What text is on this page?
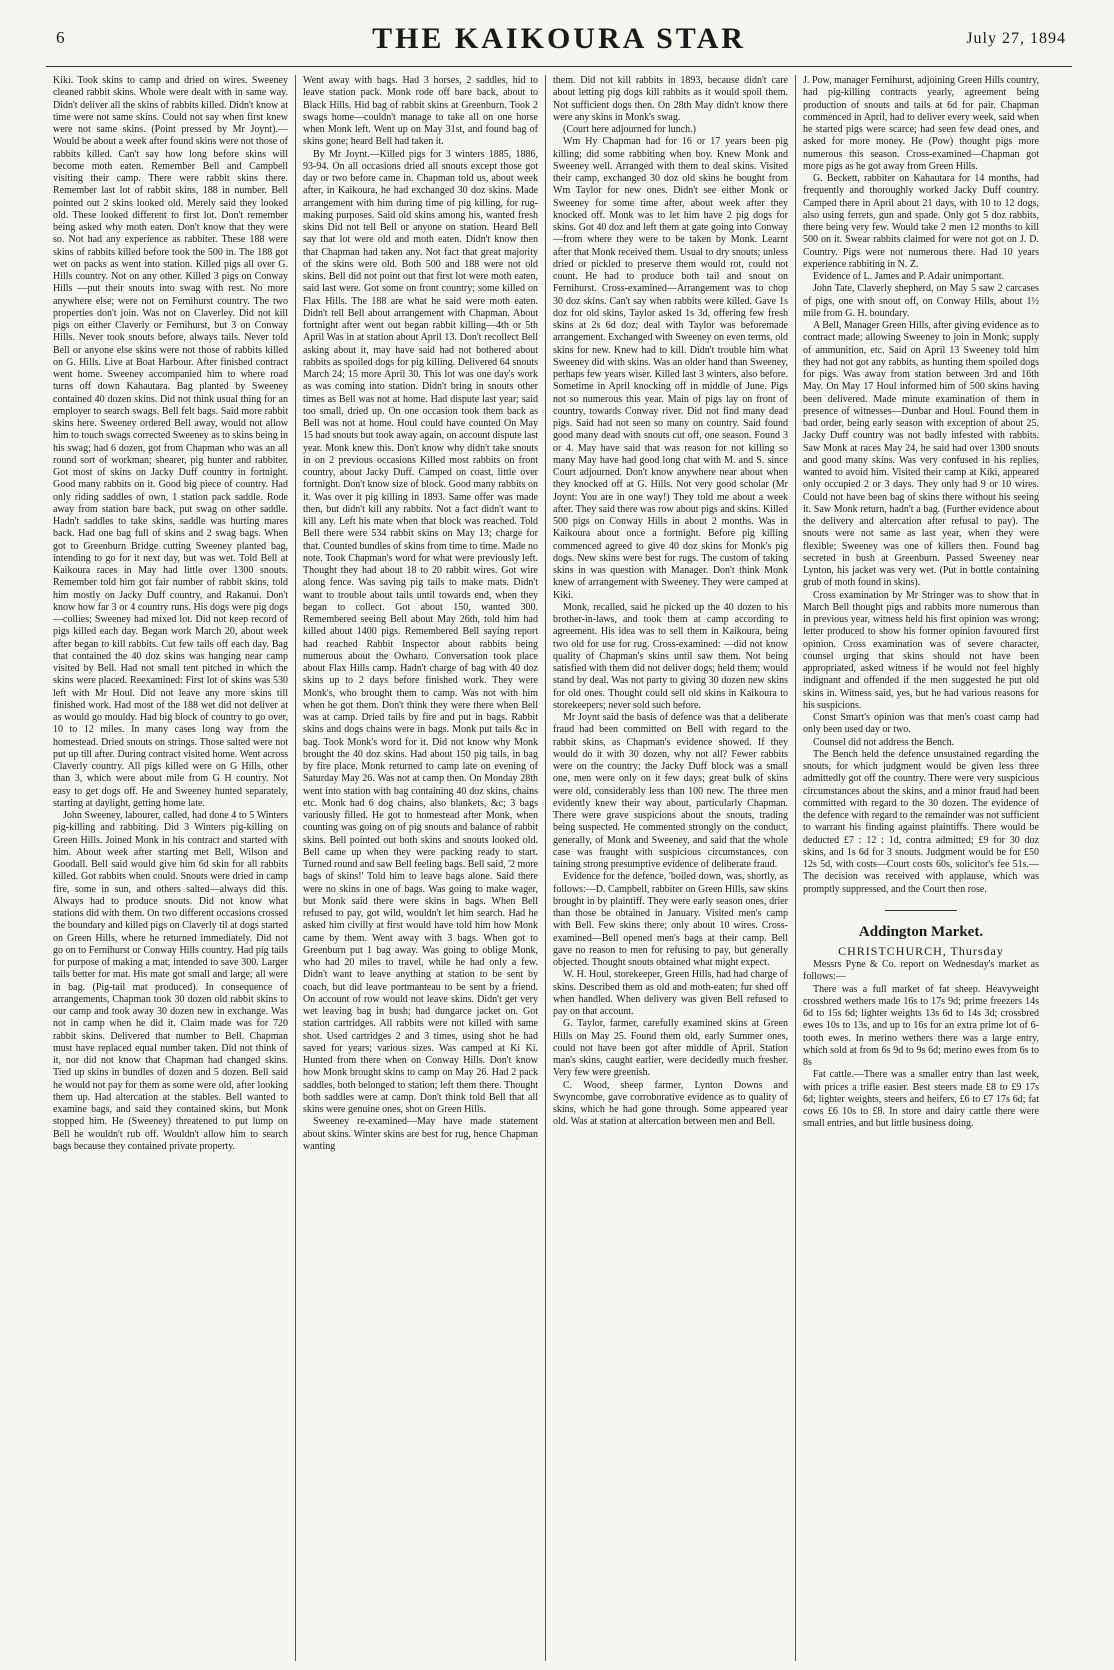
6	THE KAIKOURA STAR	July 27, 1894

Kiki. Took skins to camp and dried on wires. Sweeney cleaned rabbit skins. Whole were dealt with in same way. Didn't deliver all the skins of rabbits killed. Didn't know at time were not same skins. Could not say when first knew were not same skins. (Point pressed by Mr Joynt).—Would be about a week after found skins were not those of rabbits killed. Can't say how long before skins will become moth eaten. Remember Bell and Campbell visiting their camp. There were rabbit skins there. Remember last lot of rabbit skins, 188 in number. Bell pointed out 2 skins looked old. Merely said they looked old. These looked different to first lot. Don't remember being asked why moth eaten. Don't know that they were so. Not had any experience as rabbiter. These 188 were skins of rabbits killed before took the 500 in. The 188 got wet on packs as went into station. Killed pigs all over G. Hills country. Not on any other. Killed 3 pigs on Conway Hills —put their snouts into swag with rest. No more anywhere else; were not on Fernihurst country. The two properties don't join. Was not on Claverley. Did not kill pigs on either Claverly or Fernihurst, but 3 on Conway Hills. Never took snouts before, always tails. Never told Bell or anyone else skins were not those of rabbits killed on G. Hills. Live at Boat Harbour. After finished contract went home. Sweeney accompanied him to where road turns off down Kahautara. Bag planted by Sweeney contained 40 dozen skins. Did not think usual thing for an employer to search swags. Bell felt bags. Said more rabbit skins here. Sweeney ordered Bell away, would not allow him to touch swags corrected Sweeney as to skins being in his swag; had 6 dozen, got from Chapman who was an all round sort of workman; shearer, pig hunter and rabbiter. Got most of skins on Jacky Duff country in fortnight. Good many rabbits on it. Good big piece of country. Had only riding saddles of own, 1 station pack saddle. Rode away from station bare back, put swag on other saddle. Hadn't saddles to take skins, saddle was hurting mares back. Had one bag full of skins and 2 swag bags. When got to Greenburn Bridge cutting Sweeney planted bag, intending to go for it next day, but was wet. Told Bell at Kaikoura races in May had little over 1300 snouts. Remember told him got fair number of rabbit skins, told him mostly on Jacky Duff country, and Rakanui. Don't know how far 3 or 4 country runs. His dogs were pig dogs—collies; Sweeney had mixed lot. Did not keep record of pigs killed each day. Began work March 20, about week after began to kill rabbits. Cut few tails off each day. Bag that contained the 40 doz skins was hanging near camp visited by Bell. Had not small tent pitched in which the skins were placed. Reexamined: First lot of skins was 530 left with Mr Houl. Did not leave any more skins till finished work. Had most of the 188 wet did not deliver at as would go mouldy. Had big block of country to go over, 10 to 12 miles. In many cases long way from the homestead. Dried snouts on strings. Those salted were not put up till after. During contract visited home. Went across Claverly country. All pigs killed were on G Hills, other than 3, which were about mile from G H country. Not easy to get dogs off. He and Sweeney hunted separately, starting at daylight, getting home late.

John Sweeney, labourer, called, had done 4 to 5 Winters pig-killing and rabbiting. Did 3 Winters pig-killing on Green Hills. Joined Monk in his contract and started with him. About week after starting met Bell, Wilson and Goodall. Bell said would give him 6d skin for all rabbits killed. Got rabbits when could. Snouts were dried in camp fire, some in sun, and others salted—always did this. Always had to produce snouts. Did not know what stations did with them. On two different occasions crossed the boundary and killed pigs on Claverly til at dogs started on Green Hills, where he returned immediately. Did not go on to Fernihurst or Conway Hills country. Had pig tails for purpose of making a mat; intended to save 300. Larger tails better for mat. His mate got small and large; all were in bag. (Pig-tail mat produced). In consequence of arrangements, Chapman took 30 dozen old rabbit skins to our camp and took away 30 dozen new in exchange. Was not in camp when he did it. Claim made was for 720 rabbit skins. Delivered that number to Bell. Chapman must have replaced equal number taken. Did not think of it, nor did not know that Chapman had changed skins. Tied up skins in bundles of dozen and 5 dozen. Bell said he would not pay for them as some were old, after looking them up. Had altercation at the stables. Bell wanted to examine bags, and said they contained skins, but Monk stopped him. He (Sweeney) threatened to put lump on Bell he wouldn't rub off. Wouldn't allow him to search bags because they contained private property.

Went away with bags. Had 3 horses, 2 saddles, hid to leave station pack. Monk rode off bare back, about to Black Hills. Hid bag of rabbit skins at Greenburn. Took 2 swags home—couldn't manage to take all on one horse when Monk left. Went up on May 31st, and found bag of skins gone; heard Bell had taken it.

By Mr Joynt.—Killed pigs for 3 winters 1885, 1886, 93-94. On all occasions dried all snouts except those got day or two before came in. Chapman told us, about week after, in Kaikoura, he had exchanged 30 doz skins. Made arrangement with him during time of pig killing, for rug-making purposes. Said old skins among his, wanted fresh skins Did not tell Bell or anyone on station. Heard Bell say that lot were old and moth eaten. Didn't know then that Chapman had taken any. Not fact that great majority of the skins were old. Both 500 and 188 were not old skins. Bell did not point out that first lot were moth eaten, said last were. Got some on front country; some killed on Flax Hills. The 188 are what he said were moth eaten. Didn't tell Bell about arrangement with Chapman. About fortnight after went out began rabbit killing—4th or 5th April Was in at station about April 13. Don't recollect Bell asking about it, may have said had not bothered about rabbits as spoiled dogs for pig killing. Delivered 64 snouts March 24; 15 more April 30. This lot was one day's work as was coming into station. Didn't bring in snouts other times as Bell was not at home. Had dispute last year; said too small, dried up. On one occasion took them back as Bell was not at home. Houl could have counted On May 15 had snouts but took away again, on account dispute last year. Monk knew this. Don't know why didn't take snouts in on 2 previous occasions Killed most rabbits on front country, about Jacky Duff. Camped on coast, little over fortnight. Don't know size of block. Good many rabbits on it. Was over it pig killing in 1893. Same offer was made then, but didn't kill any rabbits. Not a fact didn't want to kill any. Left his mate when that block was reached. Told Bell there were 534 rabbit skins on May 13; charge for that. Counted bundles of skins from time to time. Made no note. Took Chapman's word for what were previously left. Thought they had about 18 to 20 rabbit wires. Got wire along fence. Was saving pig tails to make mats. Didn't want to trouble about tails until towards end, when they began to collect. Got about 150, wanted 300. Remembered seeing Bell about May 26th, told him had killed about 1400 pigs. Remembered Bell saying report had reached Rabbit Inspector about rabbits being numerous about the Owharo. Conversation took place about Flax Hills camp. Hadn't charge of bag with 40 doz skins up to 2 days before finished work. They were Monk's, who brought them to camp. Was not with him when he got them. Don't think they were there when Bell was at camp. Dried tails by fire and put in bags. Rabbit skins and dogs chains were in bags. Monk put tails &c in bag. Took Monk's word for it. Did not know why Monk brought the 40 doz skins. Had about 150 pig tails, in bag by fire place. Monk returned to camp late on evening of Saturday May 26. Was not at camp then. On Monday 28th went into station with bag containing 40 doz skins, chains etc. Monk had 6 dog chains, also blankets, &c; 3 bags variously filled. He got to homestead after Monk, when counting was going on of pig snouts and balance of rabbit skins. Bell pointed out both skins and snouts looked old. Bell came up when they were packing ready to start. Turned round and saw Bell feeling bags. Bell said, '2 more bags of skins!' Told him to leave bags alone. Said there were no skins in one of bags. Was going to make wager, but Monk said there were skins in bags. When Bell refused to pay, got wild, wouldn't let him search. Had he asked him civilly at first would have told him how Monk came by them. Went away with 3 bags. When got to Greenburn put 1 bag away. Was going to oblige Monk, who had 20 miles to travel, while he had only a few. Didn't want to leave anything at station to be sent by coach, but did leave portmanteau to be sent by a friend. On account of row would not leave skins. Didn't get very wet leaving bag in bush; had dungarce jacket on. Got station cartridges. All rabbits were not killed with same shot. Used cartridges 2 and 3 times, using shot he had saved for years; various sizes. Was camped at Ki Ki. Hunted from there when on Conway Hills. Don't know how Monk brought skins to camp on May 26. Had 2 pack saddles, both belonged to station; left them there. Thought both saddles were at camp. Don't think told Bell that all skins were genuine ones, shot on Green Hills.

Sweeney re-examined—May have made statement about skins. Winter skins are best for rug, hence Chapman wanting

them. Did not kill rabbits in 1893, because didn't care about letting pig dogs kill rabbits as it would spoil them. Not sufficient dogs then. On 28th May didn't know there were any skins in Monk's swag.

(Court here adjourned for lunch.)

Wm Hy Chapman had for 16 or 17 years been pig killing; did some rabbiting when boy. Knew Monk and Sweeney well. Arranged with them to deal skins. Visited their camp, exchanged 30 doz old skins he bought from Wm Taylor for new ones. Didn't see either Monk or Sweeney for some time after, about week after they knocked off. Monk was to let him have 2 pig dogs for skins. Got 40 doz and left them at gate going into Conway—from where they were to be taken by Monk. Learnt after that Monk received them. Usual to dry snouts; unless dried or pickled to preserve them would rot, could not count. He had to produce both tail and snout on Fernihurst. Cross-examined—Arrangement was to chop 30 doz skins. Can't say when rabbits were killed. Gave 1s doz for old skins, Taylor asked 1s 3d, offering few fresh skins at 2s 6d doz; deal with Taylor was beforemade arrangement. Exchanged with Sweeney on even terms, old skins for new. Knew had to kill. Didn't trouble him what Sweeney did with skins. Was an older hand than Sweeney, perhaps few years wiser. Killed last 3 winters, also before. Sometime in April knocking off in middle of June. Pigs not so numerous this year. Main of pigs lay on front of country, towards Conway river. Did not find many dead pigs. Said had not seen so many on country. Said found good many dead with snouts cut off, one season. Found 3 or 4. May have said that was reason for not killing so many May have had good long chat with M. and S. since Court adjourned. Don't know anywhere near about when they knocked off at G. Hills. Not very good scholar (Mr Joynt: You are in one way!) They told me about a week after. They said there was row about pigs and skins. Killed 500 pigs on Conway Hills in about 2 months. Was in Kaikoura about once a fortnight. Before pig killing commenced agreed to give 40 doz skins for Monk's pig dogs. New skins were best for rugs. The custom of taking skins in was question with Manager. Don't think Monk knew of arrangement with Sweeney. They were camped at Kiki.

Monk, recalled, said he picked up the 40 dozen to his brother-in-laws, and took them at camp according to agreement. His idea was to sell them in Kaikoura, being two old for use for rug. Cross-examined: —did not know quality of Chapman's skins until saw them. Not being satisfied with them did not deliver dogs; held them; would stand by deal. Was not party to giving 30 dozen new skins for old ones. Thought could sell old skins in Kaikoura to storekeepers; never sold such before.

Mr Joynt said the basis of defence was that a deliberate fraud had been committed on Bell with regard to the rabbit skins, as Chapman's evidence showed. If they would do it with 30 dozen, why not all? Fewer rabbits were on the country; the Jacky Duff block was a small one, men were only on it few days; great bulk of skins were old, considerably less than 100 new. The three men evidently knew their way about, particularly Chapman. There were grave suspicions about the snouts, trading being suspected. He commented strongly on the conduct, generally, of Monk and Sweeney, and said that the whole case was fraught with suspicious circumstances, con taining strong presumptive evidence of deliberate fraud.

Evidence for the defence, 'boiled down, was, shortly, as follows:—D. Campbell, rabbiter on Green Hills, saw skins brought in by plaintiff. They were early season ones, drier than those be obtained in January. Visited men's camp with Bell. Few skins there; only about 10 wires. Cross-examined—Bell opened men's bags at their camp. Bell gave no reason to men for refusing to pay, but generally objected. Thought snouts obtained what might expect.

W. H. Houl, storekeeper, Green Hills, had had charge of skins. Described them as old and moth-eaten; fur shed off when handled. When delivery was given Bell refused to pay on that account.

G. Taylor, farmer, carefully examined skins at Green Hills on May 25. Found them old, early Summer ones, could not have been got after middle of April. Station man's skins, caught earlier, were decidedly much fresher. Very few were greenish.

C. Wood, sheep farmer, Lynton Downs and Swyncombe, gave corroborative evidence as to quality of skins, which he had gone through. Some appeared year old. Was at station at altercation between men and Bell.

J. Pow, manager Fernihurst, adjoining Green Hills country, had pig-killing contracts yearly, agreement being production of snouts and tails at 6d for pair. Chapman commenced in April, had to deliver every week, said when he started pigs were scarce; had seen few dead ones, and asked for more money. He (Pow) thought pigs more numerous this season. Cross-examined—Chapman got more pigs as he got away from Green Hills.

G. Beckett, rabbiter on Kahautara for 14 months, had frequently and thoroughly worked Jacky Duff country. Camped there in April about 21 days, with 10 to 12 dogs, also using ferrets, gun and spade. Only got 5 doz rabbits, there being very few. Would take 2 men 12 months to kill 500 on it. Swear rabbits claimed for were not got on J. D. Country. Pigs were not numerous there. Had 10 years experience rabbiting in N. Z.

Evidence of L. James and P. Adair unimportant.

John Tate, Claverly shepherd, on May 5 saw 2 carcases of pigs, one with snout off, on Conway Hills, about 1½ mile from G. H. boundary.

A Bell, Manager Green Hills, after giving evidence as to contract made; allowing Sweeney to join in Monk; supply of ammunition, etc. Said on April 13 Sweeney told him they had not got any rabbits, as hunting them spoiled dogs for pigs. Was away from station between 3rd and 16th May. On May 17 Houl informed him of 500 skins having been delivered. Made minute examination of them in presence of witnesses—Dunbar and Houl. Found them in bad order, being early season with exception of about 25. Jacky Duff country was not badly infested with rabbits. Saw Monk at races May 24, he said had over 1300 snouts and good many skins. Was very confused in his replies, wanted to avoid him. Visited their camp at Kiki, appeared only occupied 2 or 3 days. They only had 9 or 10 wires. Could not have been bag of skins there without his seeing it. Saw Monk return, hadn't a bag. (Further evidence about the delivery and altercation after refusal to pay). The snouts were not same as last year, when they were flexible; Sweeney was one of killers then. Found bag secreted in bush at Greenburn. Passed Sweeney near Lynton, his jacket was very wet. (Put in bottle containing grub of moth found in skins).

Cross examination by Mr Stringer was to show that in March Bell thought pigs and rabbits more numerous than in previous year, witness held his first opinion was wrong; letter produced to show his former opinion favoured first opinion. Cross examination was of severe character, counsel urging that skins should not have been appropriated, asked witness if he would not feel highly indignant and offended if the men suggested he put old skins in. Witness said, yes, but he had various reasons for his suspicions.

Const Smart's opinion was that men's coast camp had only been used day or two.

Counsel did not address the Bench.

The Bench held the defence unsustained regarding the snouts, for which judgment would be given less three admittedly got off the country. There were very suspicious circumstances about the skins, and a minor fraud had been committed with regard to the 30 dozen. The evidence of the defence with regard to the remainder was not sufficient to warrant his finding against plaintiffs. There would be deducted £7 : 12 : 1d, contra admitted; £9 for 30 doz skins, and 1s 6d for 3 snouts. Judgment would be for £50 12s 5d, with costs—Court costs 60s, solicitor's fee 51s.—The decision was received with applause, which was promptly suppressed, and the Court then rose.

Addington Market.
CHRISTCHURCH, Thursday

Messrs Pyne & Co. report on Wednesday's market as follows:—

There was a full market of fat sheep. Heavyweight crossbred wethers made 16s to 17s 9d; prime freezers 14s 6d to 15s 6d; lighter weights 13s 6d to 14s 3d; crossbred ewes 10s to 13s, and up to 16s for an extra prime lot of 6-tooth ewes. In merino wethers there was a large entry, which sold at from 6s 9d to 9s 6d; merino ewes from 6s to 8s

Fat cattle.—There was a smaller entry than last week, with prices a trifle easier. Best steers made £8 to £9 17s 6d; lighter weights, steers and heifers, £6 to £7 17s 6d; fat cows £6 10s to £8. In store and dairy cattle there were small entries, and but little business doing.
